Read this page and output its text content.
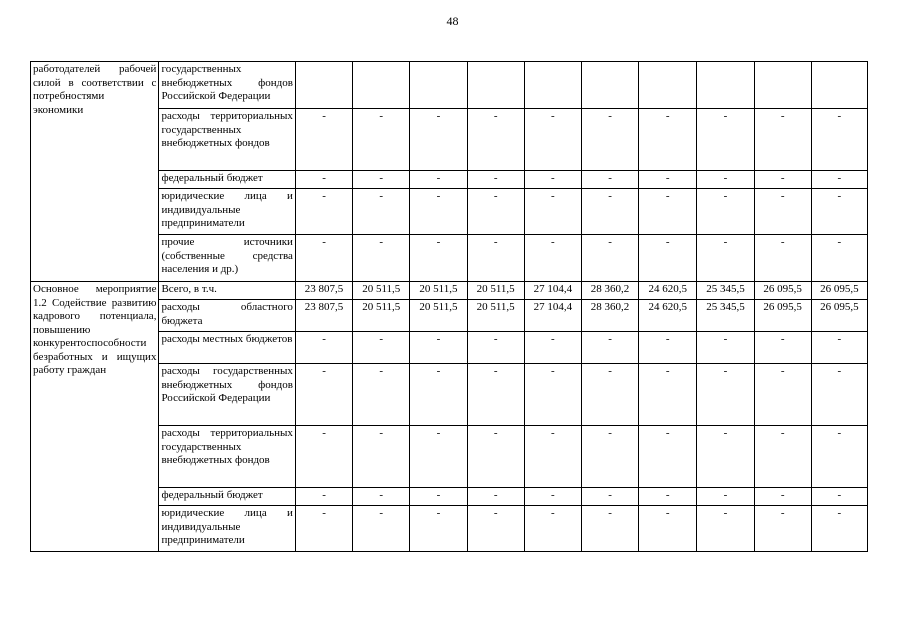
48
работодателей рабочей силой в соответствии с потребностями экономики	государственных внебюджетных фондов Российской Федерации										
	расходы территориальных государственных внебюджетных фондов	-	-	-	-	-	-	-	-	-	-
	федеральный бюджет	-	-	-	-	-	-	-	-	-	-
	юридические лица и индивидуальные предприниматели	-	-	-	-	-	-	-	-	-	-
	прочие источники (собственные средства населения и др.)	-	-	-	-	-	-	-	-	-	-
Основное мероприятие 1.2 Содействие развитию кадрового потенциала, повышению конкурентоспособности безработных и ищущих работу граждан	Всего, в т.ч.	23 807,5	20 511,5	20 511,5	20 511,5	27 104,4	28 360,2	24 620,5	25 345,5	26 095,5	26 095,5
	расходы областного бюджета	23 807,5	20 511,5	20 511,5	20 511,5	27 104,4	28 360,2	24 620,5	25 345,5	26 095,5	26 095,5
	расходы местных бюджетов	-	-	-	-	-	-	-	-	-	-
	расходы государственных внебюджетных фондов Российской Федерации	-	-	-	-	-	-	-	-	-	-
	расходы территориальных государственных внебюджетных фондов	-	-	-	-	-	-	-	-	-	-
	федеральный бюджет	-	-	-	-	-	-	-	-	-	-
	юридические лица и индивидуальные предприниматели	-	-	-	-	-	-	-	-	-	-
